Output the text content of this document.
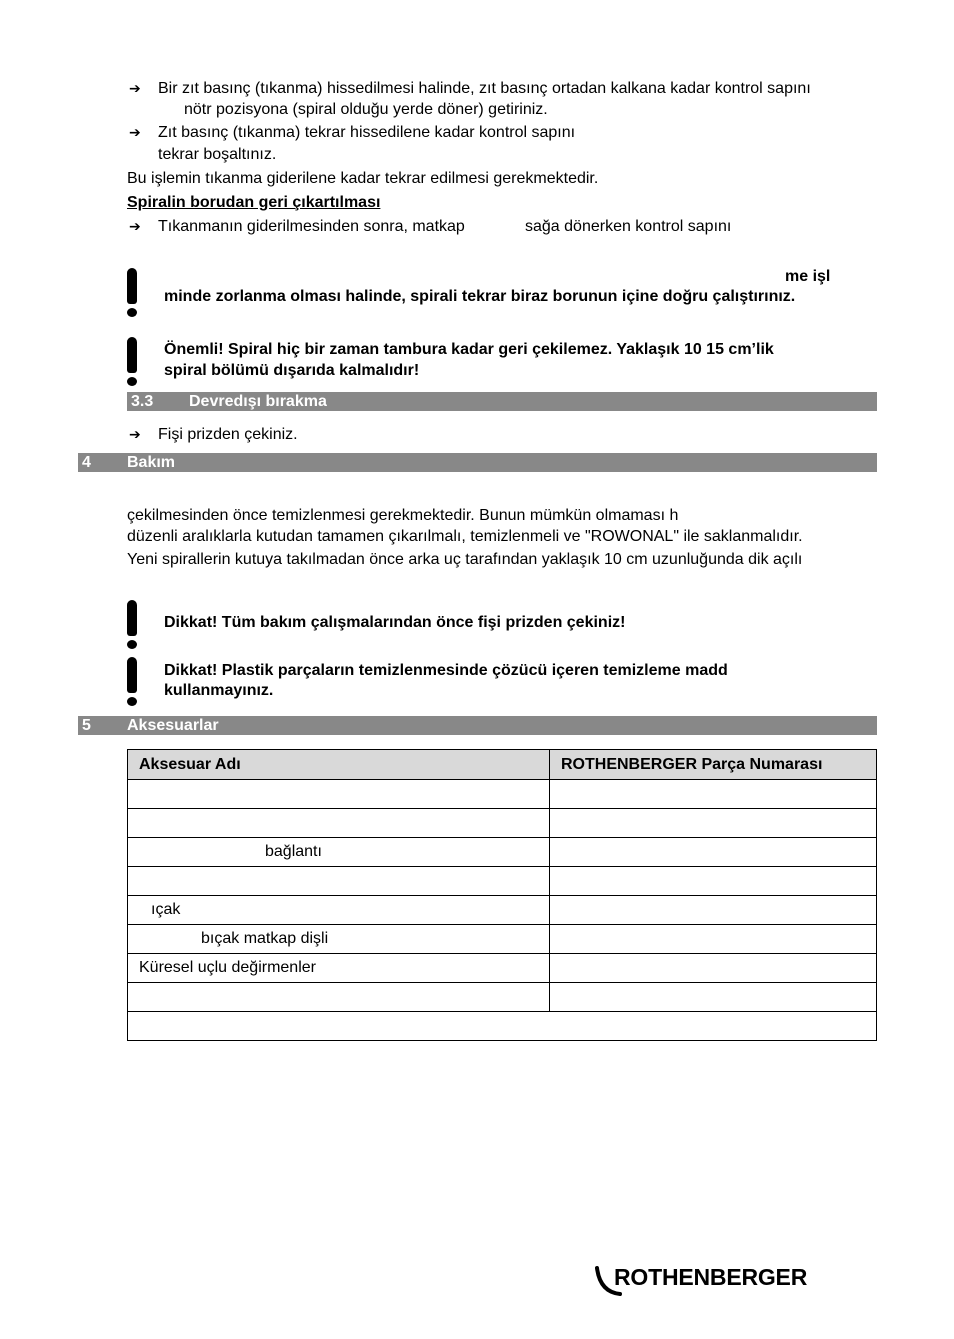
➔ Bir zıt basınç (tıkanma) hissedilmesi halinde, zıt basınç ortadan kalkana kadar kontrol sapını
nötr pozisyona (spiral olduğu yerde döner) getiriniz.
➔ Zıt basınç (tıkanma) tekrar hissedilene kadar kontrol sapını
tekrar boşaltınız.
Bu işlemin tıkanma giderilene kadar tekrar edilmesi gerekmektedir.
Spiralin borudan geri çıkartılması
➔ Tıkanmanın giderilmesinden sonra, matkap	sağa dönerken kontrol sapını
me işl
minde zorlanma olması halinde, spirali tekrar biraz borunun içine doğru çalıştırınız.
Önemli! Spiral hiç bir zaman tambura kadar geri çekilemez. Yaklaşık 10 15 cm’lik
spiral bölümü dışarıda kalmalıdır!
3.3 Devredışı bırakma
➔ Fişi prizden çekiniz.
4 Bakım
çekilmesinden önce temizlenmesi gerekmektedir. Bunun mümkün olmaması h
düzenli aralıklarla kutudan tamamen çıkarılmalı, temizlenmeli ve "ROWONAL" ile saklanmalıdır.
Yeni spirallerin kutuya takılmadan önce arka uç tarafından yaklaşık 10 cm uzunluğunda dik açılı
Dikkat! Tüm bakım çalışmalarından önce fişi prizden çekiniz!
Dikkat! Plastik parçaların temizlenmesinde çözücü içeren temizleme madd
kullanmayınız.
5 Aksesuarlar
Aksesuar Adı	ROTHENBERGER Parça Numarası

bağlantı	

ıçak	
bıçak matkap dişli	
Küresel uçlu değirmenler	

ROTHENBERGER
